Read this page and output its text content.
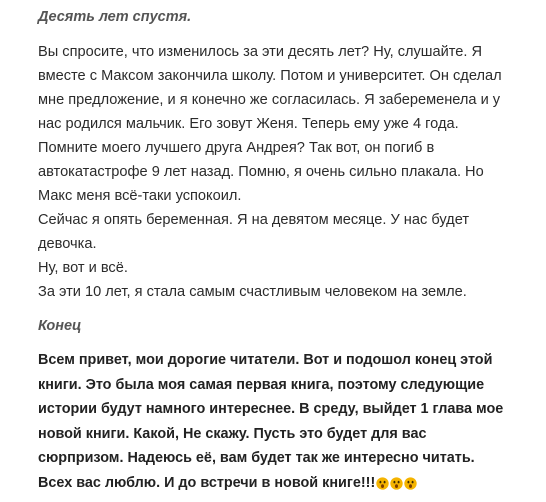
Десять лет спустя.

Вы спросите, что изменилось за эти десять лет? Ну, слушайте. Я вместе с Максом закончила школу. Потом и университет. Он сделал мне предложение, и я конечно же согласилась. Я забеременела и у нас родился мальчик. Его зовут Женя. Теперь ему уже 4 года. Помните моего лучшего друга Андрея? Так вот, он погиб в автокатастрофе 9 лет назад. Помню, я очень сильно плакала. Но Макс меня всё-таки успокоил.

Сейчас я опять беременная. Я на девятом месяце. У нас будет девочка.

Ну, вот и всё.

За эти 10 лет, я стала самым счастливым человеком на земле.

Конец

Всем привет, мои дорогие читатели. Вот и подошол конец этой книги. Это была моя самая первая книга, поэтому следующие истории будут намного интереснее. В среду, выйдет 1 глава мое новой книги. Какой, Не скажу. Пусть это будет для вас сюрпризом. Надеюсь её, вам будет так же интересно читать. Всех вас люблю. И до встречи в новой книге!!!
